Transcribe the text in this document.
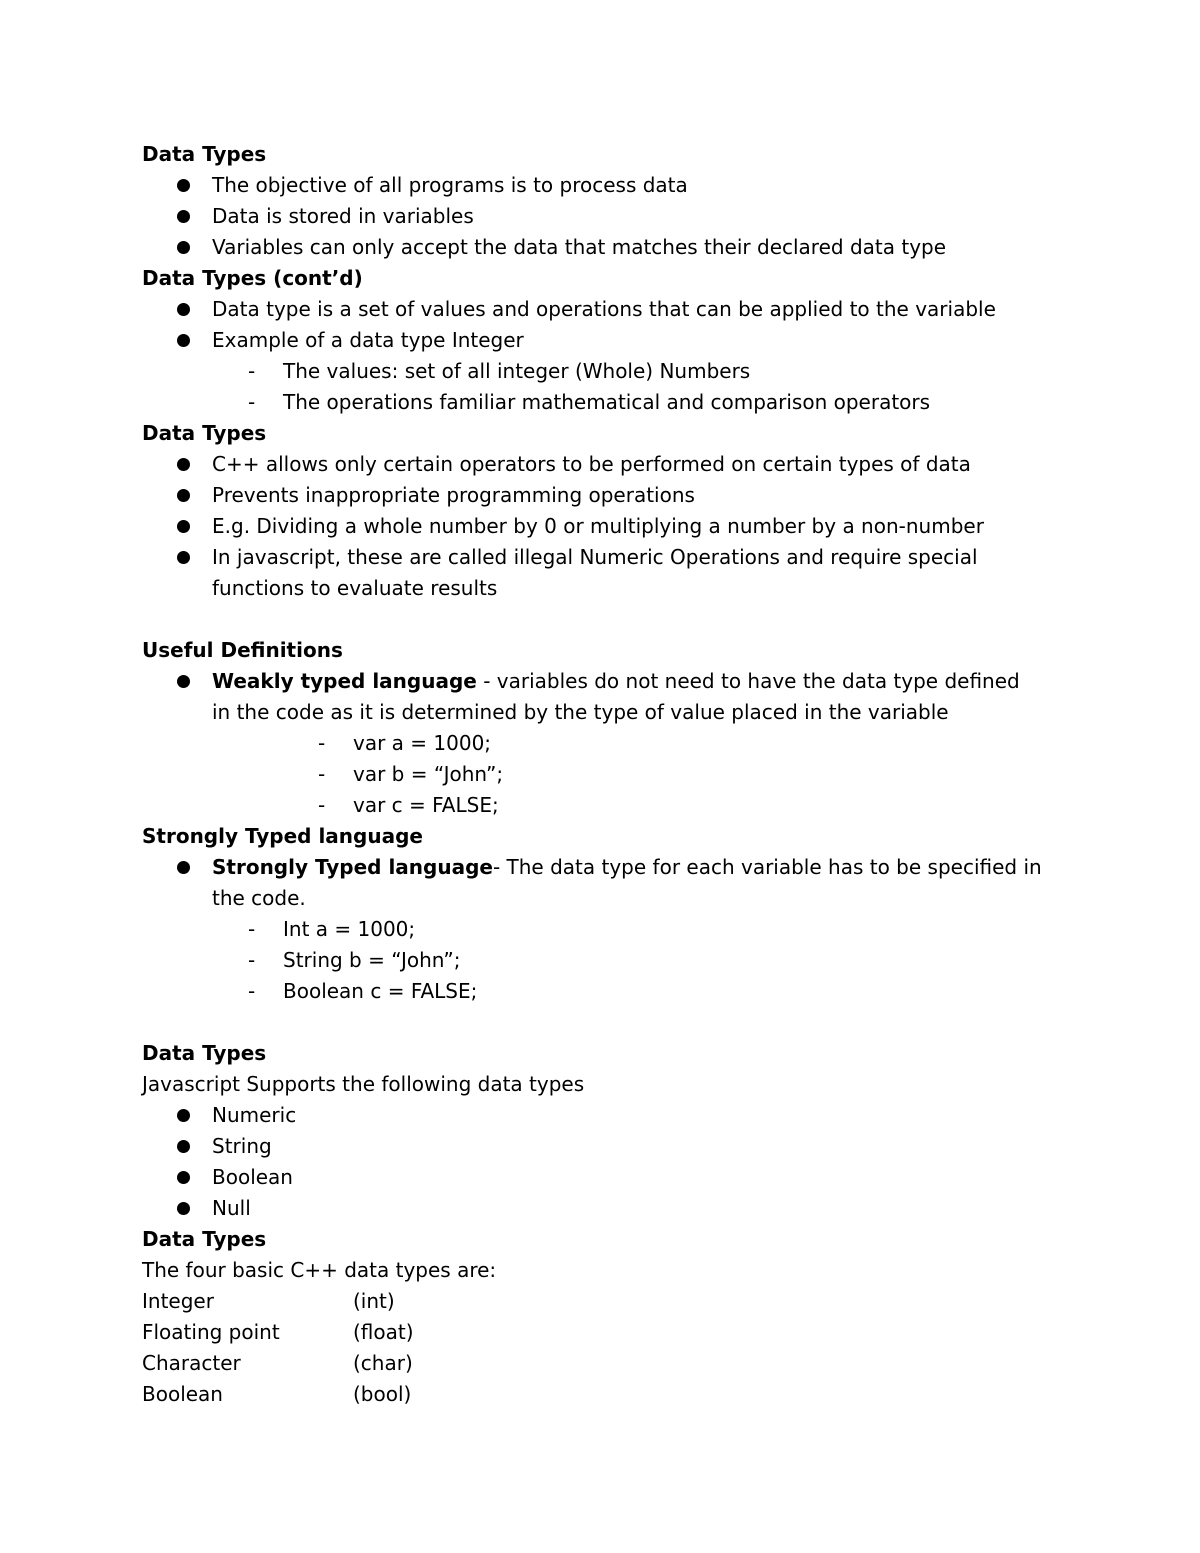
Data Types
The objective of all programs is to process data
Data is stored in variables
Variables can only accept the data that matches their declared data type
Data Types (cont’d)
Data type is a set of values and operations that can be applied to the variable
Example of a data type Integer
- The values: set of all integer (Whole) Numbers
- The operations familiar mathematical and comparison operators
Data Types
C++ allows only certain operators to be performed on certain types of data
Prevents inappropriate programming operations
E.g. Dividing a whole number by 0 or multiplying a number by a non-number
In javascript, these are called illegal Numeric Operations and require special functions to evaluate results
Useful Definitions
Weakly typed language - variables do not need to have the data type defined in the code as it is determined by the type of value placed in the variable
- var a = 1000;
- var b = “John”;
- var c = FALSE;
Strongly Typed language
Strongly Typed language- The data type for each variable has to be specified in the code.
- Int a = 1000;
- String b = “John”;
- Boolean c = FALSE;
Data Types
Javascript Supports the following data types
Numeric
String
Boolean
Null
Data Types
The four basic C++ data types are:
Integer	(int)
Floating point	(float)
Character	(char)
Boolean	(bool)
